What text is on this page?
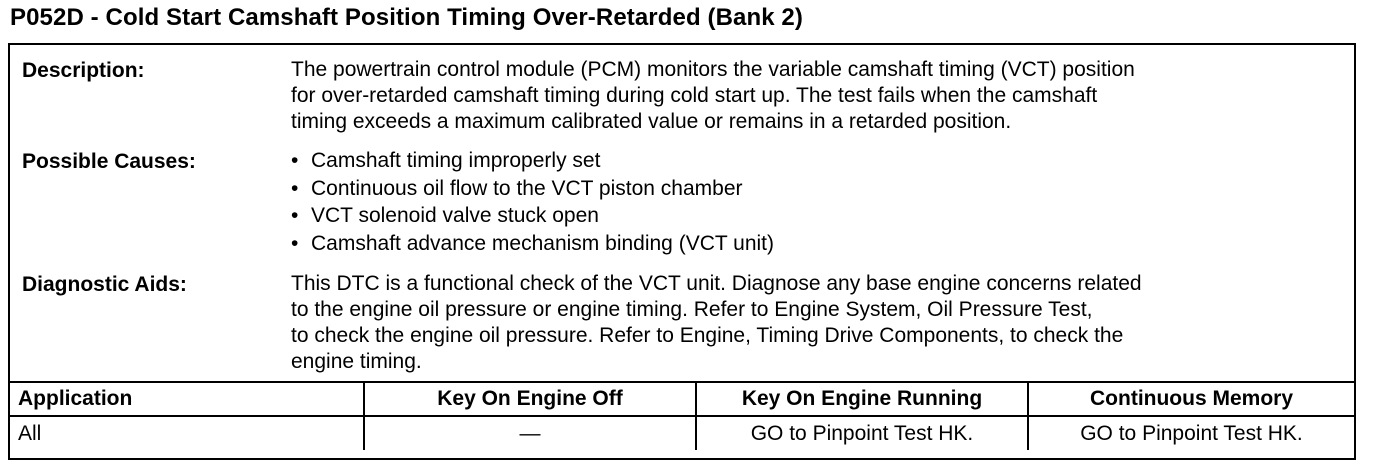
P052D - Cold Start Camshaft Position Timing Over-Retarded (Bank 2)
Description:	The powertrain control module (PCM) monitors the variable camshaft timing (VCT) position
for over-retarded camshaft timing during cold start up. The test fails when the camshaft
timing exceeds a maximum calibrated value or remains in a retarded position.
Possible Causes:	• Camshaft timing improperly set
• Continuous oil flow to the VCT piston chamber
• VCT solenoid valve stuck open
• Camshaft advance mechanism binding (VCT unit)
Diagnostic Aids:	This DTC is a functional check of the VCT unit. Diagnose any base engine concerns related
to the engine oil pressure or engine timing. Refer to Engine System, Oil Pressure Test,
to check the engine oil pressure. Refer to Engine, Timing Drive Components, to check the
engine timing.
Application	Key On Engine Off	Key On Engine Running	Continuous Memory
All	—	GO to Pinpoint Test HK.	GO to Pinpoint Test HK.
